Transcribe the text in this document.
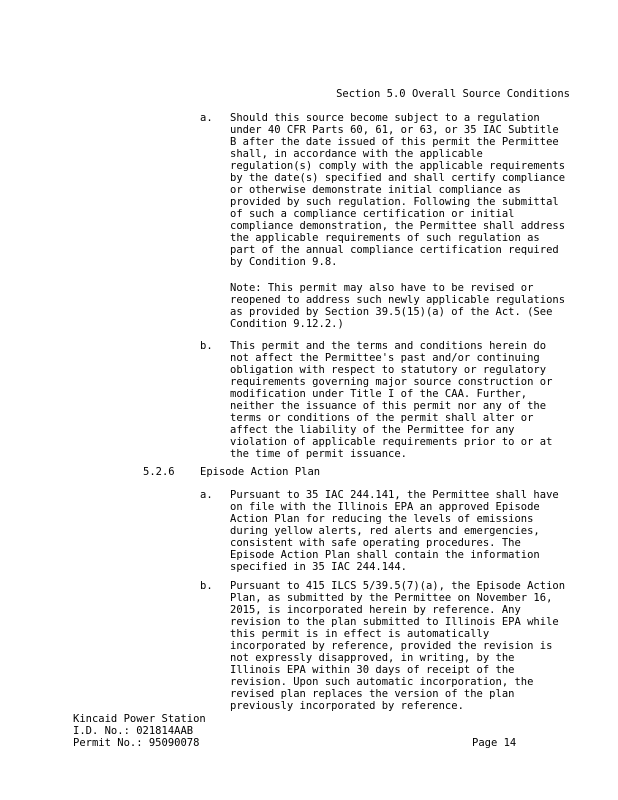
Section 5.0 Overall Source Conditions
a. Should this source become subject to a regulation under 40 CFR Parts 60, 61, or 63, or 35 IAC Subtitle B after the date issued of this permit the Permittee shall, in accordance with the applicable regulation(s) comply with the applicable requirements by the date(s) specified and shall certify compliance or otherwise demonstrate initial compliance as provided by such regulation. Following the submittal of such a compliance certification or initial compliance demonstration, the Permittee shall address the applicable requirements of such regulation as part of the annual compliance certification required by Condition 9.8.
Note: This permit may also have to be revised or reopened to address such newly applicable regulations as provided by Section 39.5(15)(a) of the Act. (See Condition 9.12.2.)
b. This permit and the terms and conditions herein do not affect the Permittee's past and/or continuing obligation with respect to statutory or regulatory requirements governing major source construction or modification under Title I of the CAA. Further, neither the issuance of this permit nor any of the terms or conditions of the permit shall alter or affect the liability of the Permittee for any violation of applicable requirements prior to or at the time of permit issuance.
5.2.6 Episode Action Plan
a. Pursuant to 35 IAC 244.141, the Permittee shall have on file with the Illinois EPA an approved Episode Action Plan for reducing the levels of emissions during yellow alerts, red alerts and emergencies, consistent with safe operating procedures. The Episode Action Plan shall contain the information specified in 35 IAC 244.144.
b. Pursuant to 415 ILCS 5/39.5(7)(a), the Episode Action Plan, as submitted by the Permittee on November 16, 2015, is incorporated herein by reference. Any revision to the plan submitted to Illinois EPA while this permit is in effect is automatically incorporated by reference, provided the revision is not expressly disapproved, in writing, by the Illinois EPA within 30 days of receipt of the revision. Upon such automatic incorporation, the revised plan replaces the version of the plan previously incorporated by reference.
Kincaid Power Station
I.D. No.: 021814AAB
Permit No.: 95090078	Page 14
